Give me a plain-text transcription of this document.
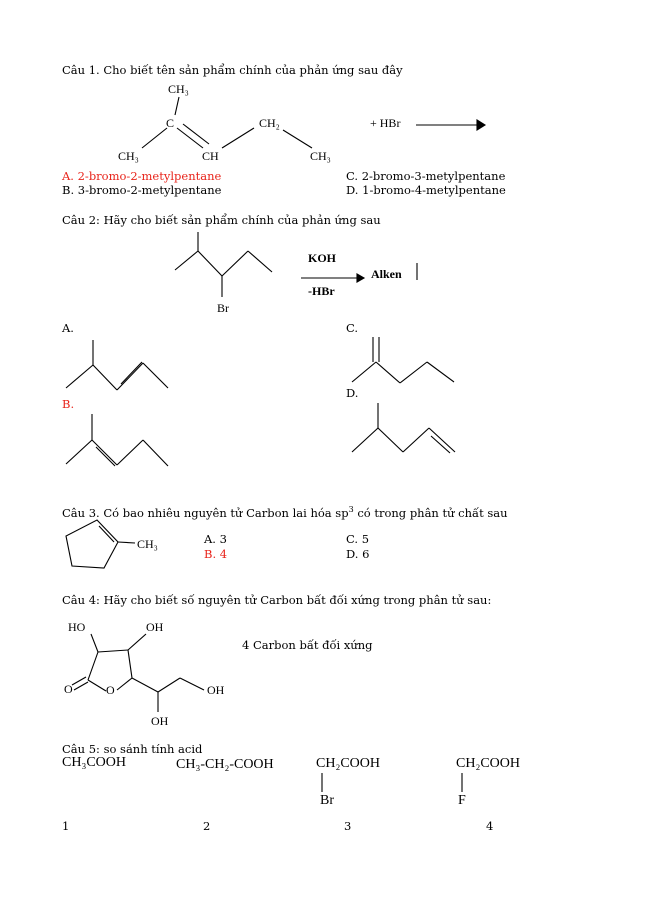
Câu 1. Cho biết tên sản phẩm chính của phản ứng sau đây
CH₃
C	CH₂
CH₃	CH	CH₃
+ HBr
A. 2-bromo-2-metylpentane
B. 3-bromo-2-metylpentane
C. 2-bromo-3-metylpentane
D. 1-bromo-4-metylpentane
Câu 2: Hãy cho biết sản phẩm chính của phản ứng sau
Br
KOH
-HBr
Alken
A.	C.
B.
D.
Câu 3. Có bao nhiêu nguyên tử Carbon lai hóa $sp^3$ có trong phân tử chất sau
CH₃	A. 3
B. 4
C. 5
D. 6
Câu 4: Hãy cho biết số nguyên tử Carbon bất đối xứng trong phân tử sau:
HO	OH
O	O	OH
OH
4 Carbon bất đối xứng
Câu 5: so sánh tính acid
CH₃COOH	CH₃-CH₂-COOH	CH₂COOH	CH₂COOH
Br	F
1	2	3	4
